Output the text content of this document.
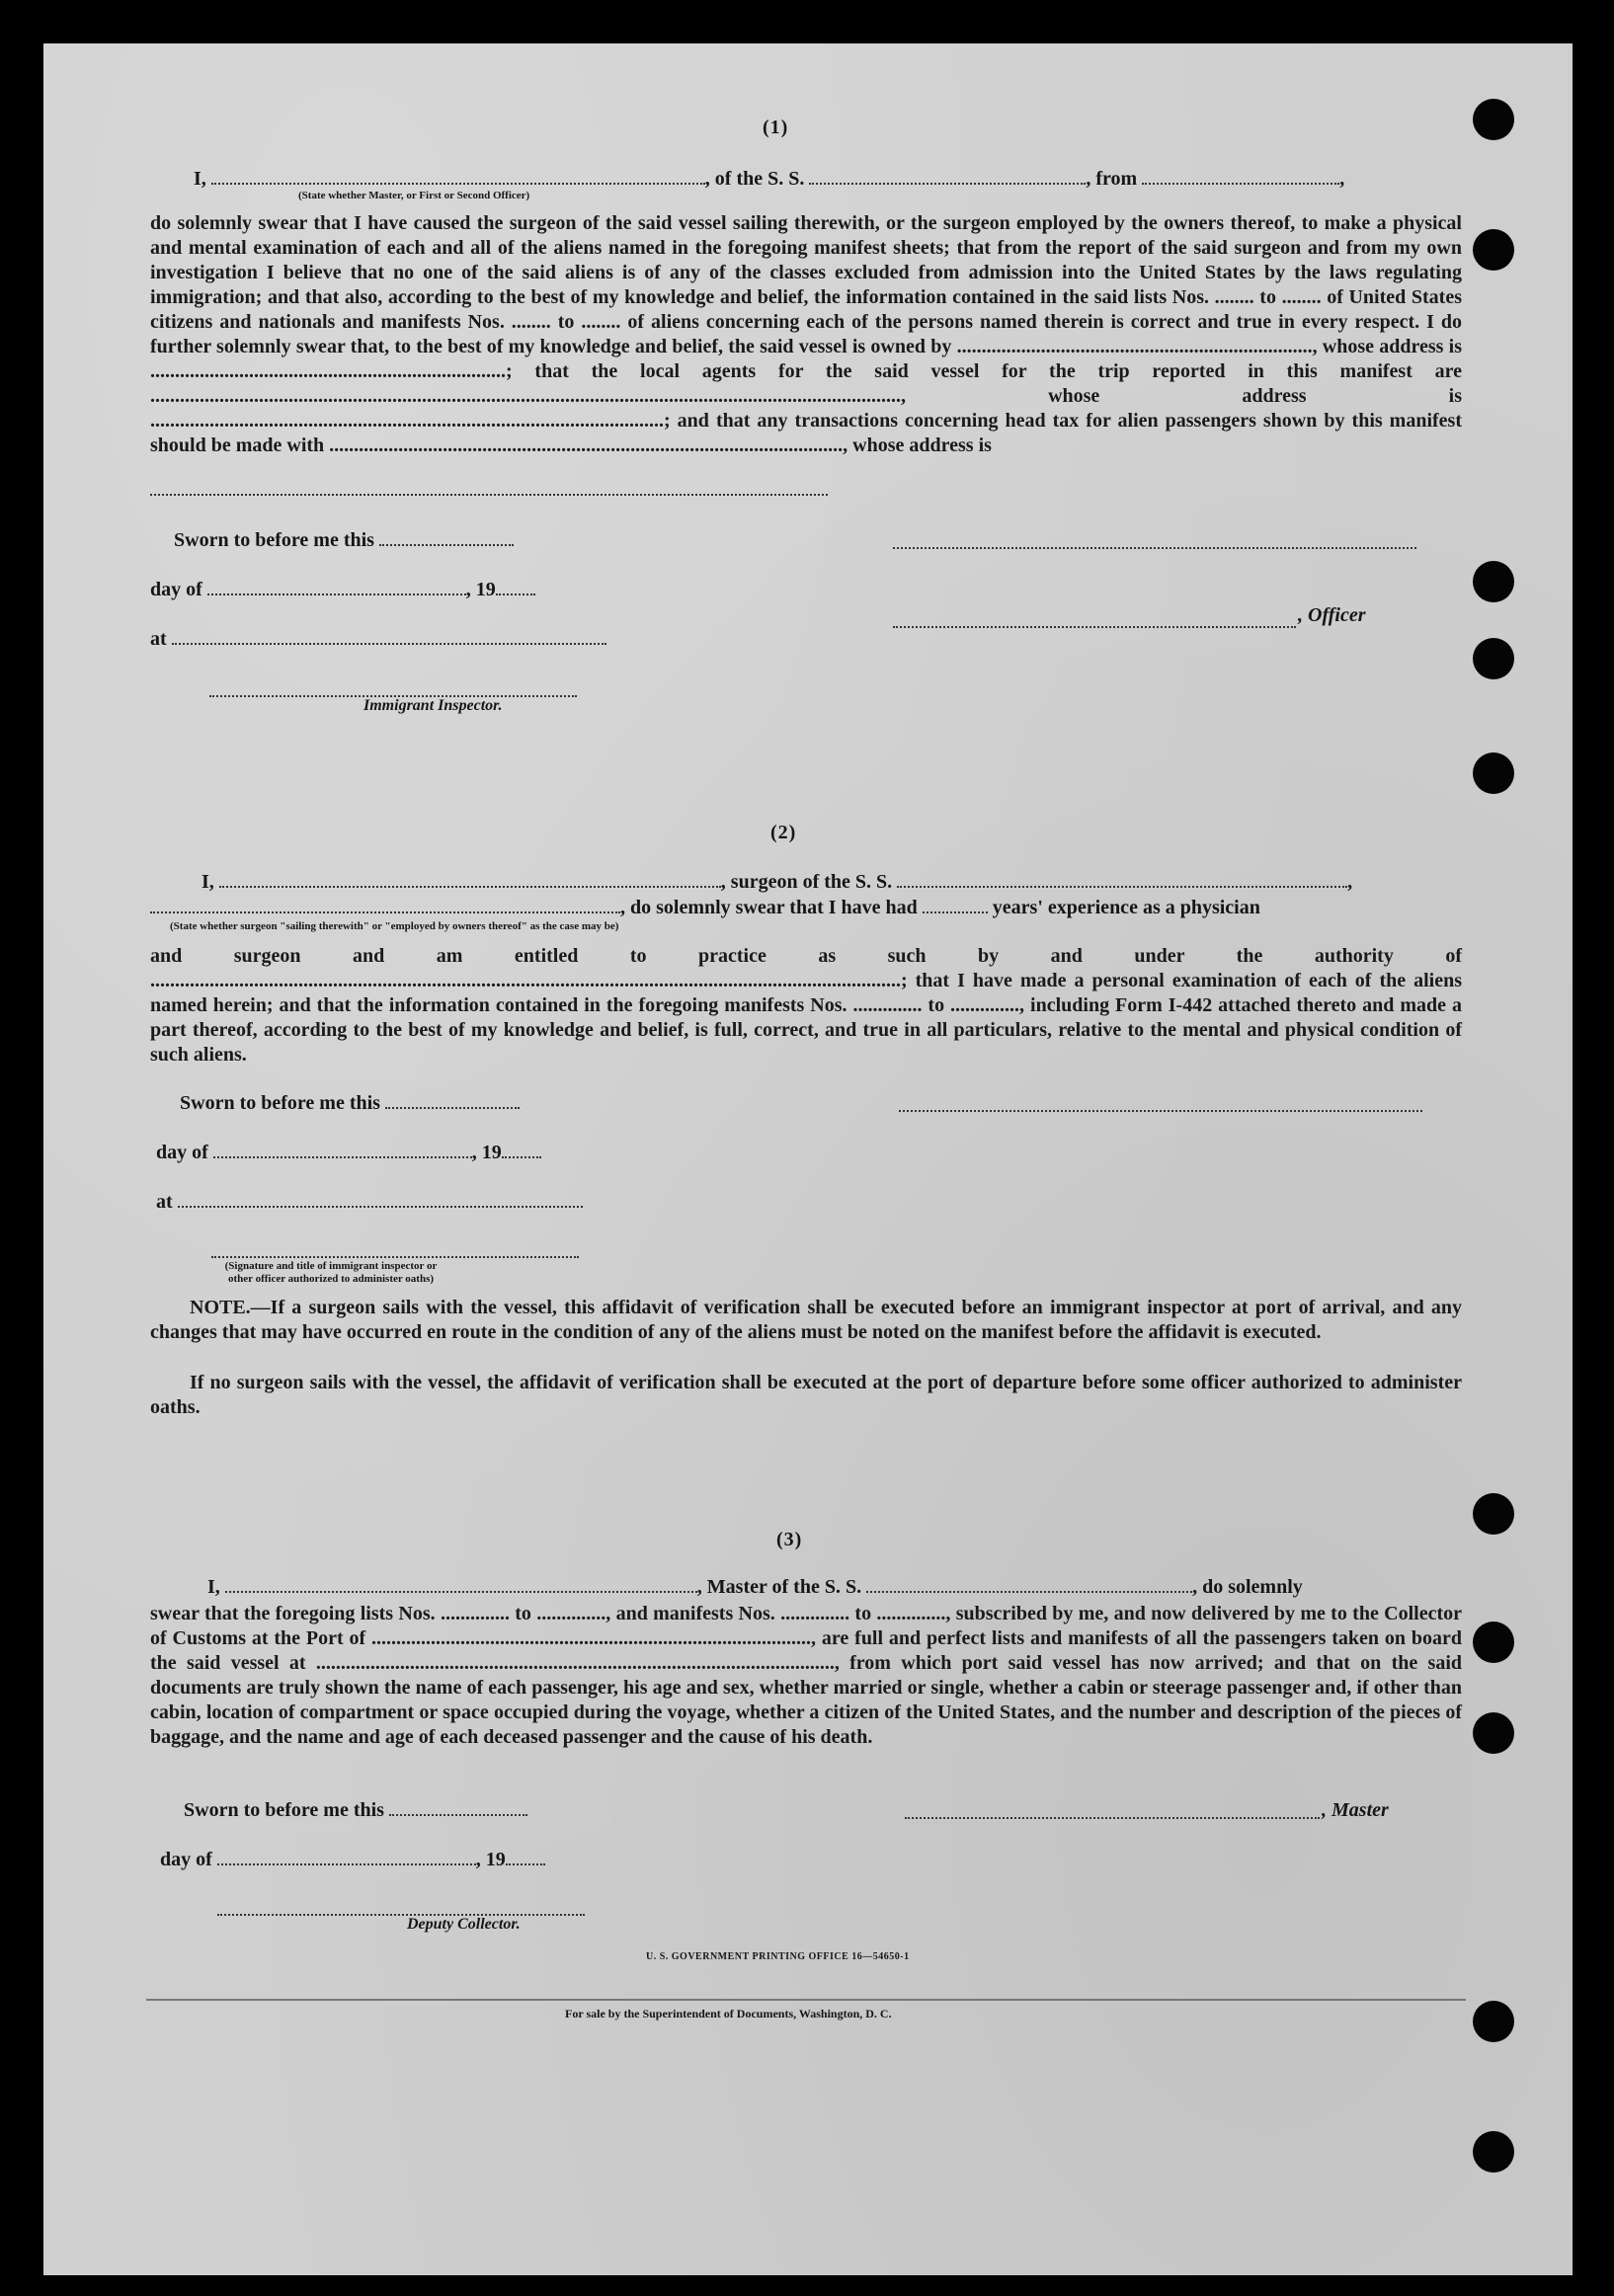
(1)
I,	, of the S. S.	, from	,
(State whether Master, or First or Second Officer)
do solemnly swear that I have caused the surgeon of the said vessel sailing therewith, or the surgeon employed by the owners thereof, to make a physical and mental examination of each and all of the aliens named in the foregoing manifest sheets; that from the report of the said surgeon and from my own investigation I believe that no one of the said aliens is of any of the classes excluded from admission into the United States by the laws regulating immigration; and that also, according to the best of my knowledge and belief, the information contained in the said lists Nos. ........ to ........ of United States citizens and nationals and manifests Nos. ........ to ........ of aliens concerning each of the persons named therein is correct and true in every respect. I do further solemnly swear that, to the best of my knowledge and belief, the said vessel is owned by ........................................................................, whose address is ........................................................................; that the local agents for the said vessel for the trip reported in this manifest are ........................................................................................................................................................, whose address is ........................................................................................................; and that any transactions concerning head tax for alien passengers shown by this manifest should be made with ........................................................................................................, whose address is
Sworn to before me this
day of	, 19
, Officer
at
Immigrant Inspector.
(2)
I,	, surgeon of the S. S.	,
, do solemnly swear that I have had	years' experience as a physician
(State whether surgeon "sailing therewith" or "employed by owners thereof" as the case may be)
and surgeon and am entitled to practice as such by and under the authority of ........................................................................................................................................................; that I have made a personal examination of each of the aliens named herein; and that the information contained in the foregoing manifests Nos. .............. to .............., including Form I-442 attached thereto and made a part thereof, according to the best of my knowledge and belief, is full, correct, and true in all particulars, relative to the mental and physical condition of such aliens.
Sworn to before me this
day of	, 19
at
(Signature and title of immigrant inspector or other officer authorized to administer oaths)
NOTE.—If a surgeon sails with the vessel, this affidavit of verification shall be executed before an immigrant inspector at port of arrival, and any changes that may have occurred en route in the condition of any of the aliens must be noted on the manifest before the affidavit is executed.
If no surgeon sails with the vessel, the affidavit of verification shall be executed at the port of departure before some officer authorized to administer oaths.
(3)
I,	, Master of the S. S.	, do solemnly
swear that the foregoing lists Nos. .............. to .............., and manifests Nos. .............. to .............., subscribed by me, and now delivered by me to the Collector of Customs at the Port of ........................................................................................., are full and perfect lists and manifests of all the passengers taken on board the said vessel at ........................................................................................................., from which port said vessel has now arrived; and that on the said documents are truly shown the name of each passenger, his age and sex, whether married or single, whether a cabin or steerage passenger and, if other than cabin, location of compartment or space occupied during the voyage, whether a citizen of the United States, and the number and description of the pieces of baggage, and the name and age of each deceased passenger and the cause of his death.
Sworn to before me this	, Master
day of	, 19
Deputy Collector.
U. S. GOVERNMENT PRINTING OFFICE 16—54650-1
For sale by the Superintendent of Documents, Washington, D. C.
